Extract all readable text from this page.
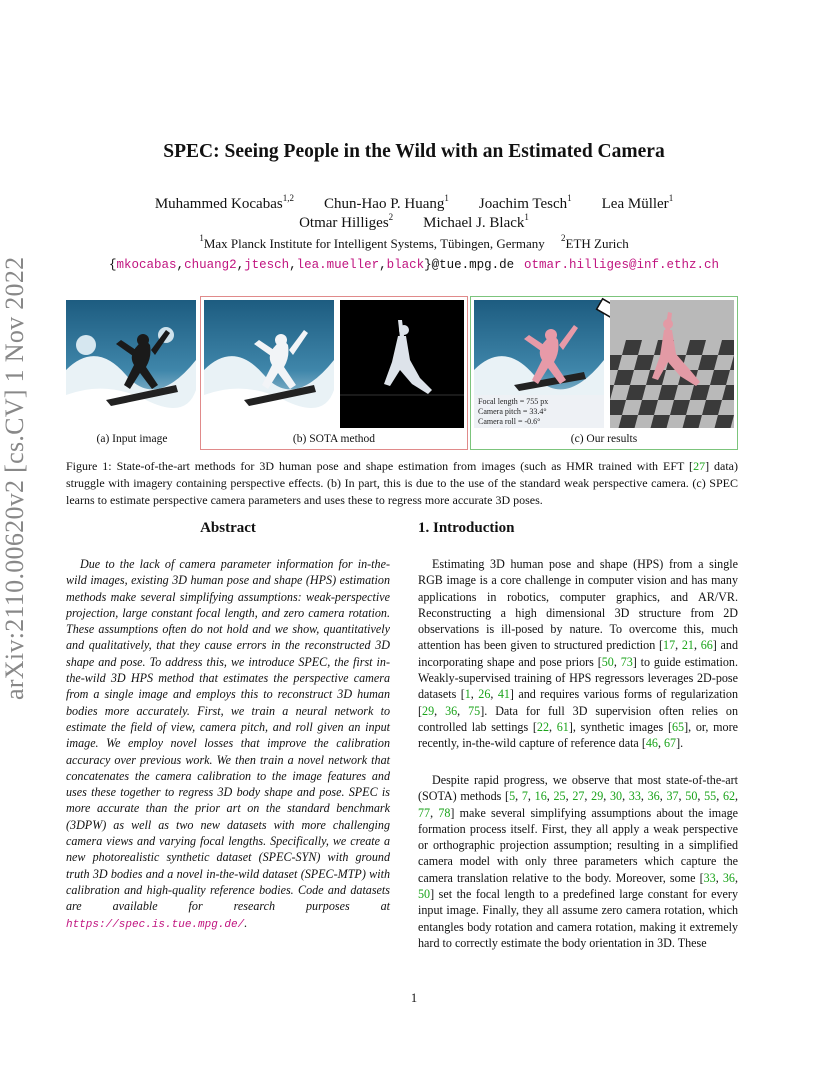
arXiv:2110.00620v2 [cs.CV] 1 Nov 2022
SPEC: Seeing People in the Wild with an Estimated Camera
Muhammed Kocabas$^{1,2}$ Chun-Hao P. Huang$^1$ Joachim Tesch$^1$ Lea Müller$^1$
Otmar Hilliges$^2$ Michael J. Black$^1$
$^1$Max Planck Institute for Intelligent Systems, Tübingen, Germany $^2$ETH Zurich
{mkocabas,chuang2,jtesch,lea.mueller,black}@tue.mpg.de otmar.hilliges@inf.ethz.ch
(a) Input image	(b) SOTA method
Focal length = 755 px
Camera pitch = 33.4°
Camera roll = -0.6°
(c) Our results
Figure 1: State-of-the-art methods for 3D human pose and shape estimation from images (such as HMR trained with EFT [27] data) struggle with imagery containing perspective effects. (b) In part, this is due to the use of the standard weak perspective camera. (c) SPEC learns to estimate perspective camera parameters and uses these to regress more accurate 3D poses.
Abstract
Due to the lack of camera parameter information for in-the-wild images, existing 3D human pose and shape (HPS) estimation methods make several simplifying assumptions: weak-perspective projection, large constant focal length, and zero camera rotation. These assumptions often do not hold and we show, quantitatively and qualitatively, that they cause errors in the reconstructed 3D shape and pose. To address this, we introduce SPEC, the first in-the-wild 3D HPS method that estimates the perspective camera from a single image and employs this to reconstruct 3D human bodies more accurately. First, we train a neural network to estimate the field of view, camera pitch, and roll given an input image. We employ novel losses that improve the calibration accuracy over previous work. We then train a novel network that concatenates the camera calibration to the image features and uses these together to regress 3D body shape and pose. SPEC is more accurate than the prior art on the standard benchmark (3DPW) as well as two new datasets with more challenging camera views and varying focal lengths. Specifically, we create a new photorealistic synthetic dataset (SPEC-SYN) with ground truth 3D bodies and a novel in-the-wild dataset (SPEC-MTP) with calibration and high-quality reference bodies. Code and datasets are available for research purposes at https://spec.is.tue.mpg.de/.
1. Introduction
Estimating 3D human pose and shape (HPS) from a single RGB image is a core challenge in computer vision and has many applications in robotics, computer graphics, and AR/VR. Reconstructing a high dimensional 3D structure from 2D observations is ill-posed by nature. To overcome this, much attention has been given to structured prediction [17, 21, 66] and incorporating shape and pose priors [50, 73] to guide estimation. Weakly-supervised training of HPS regressors leverages 2D-pose datasets [1, 26, 41] and requires various forms of regularization [29, 36, 75]. Data for full 3D supervision often relies on controlled lab settings [22, 61], synthetic images [65], or, more recently, in-the-wild capture of reference data [46, 67].
Despite rapid progress, we observe that most state-of-the-art (SOTA) methods [5, 7, 16, 25, 27, 29, 30, 33, 36, 37, 50, 55, 62, 77, 78] make several simplifying assumptions about the image formation process itself. First, they all apply a weak perspective or orthographic projection assumption; resulting in a simplified camera model with only three parameters which capture the camera translation relative to the body. Moreover, some [33, 36, 50] set the focal length to a predefined large constant for every input image. Finally, they all assume zero camera rotation, which entangles body rotation and camera rotation, making it extremely hard to correctly estimate the body orientation in 3D. These
1
